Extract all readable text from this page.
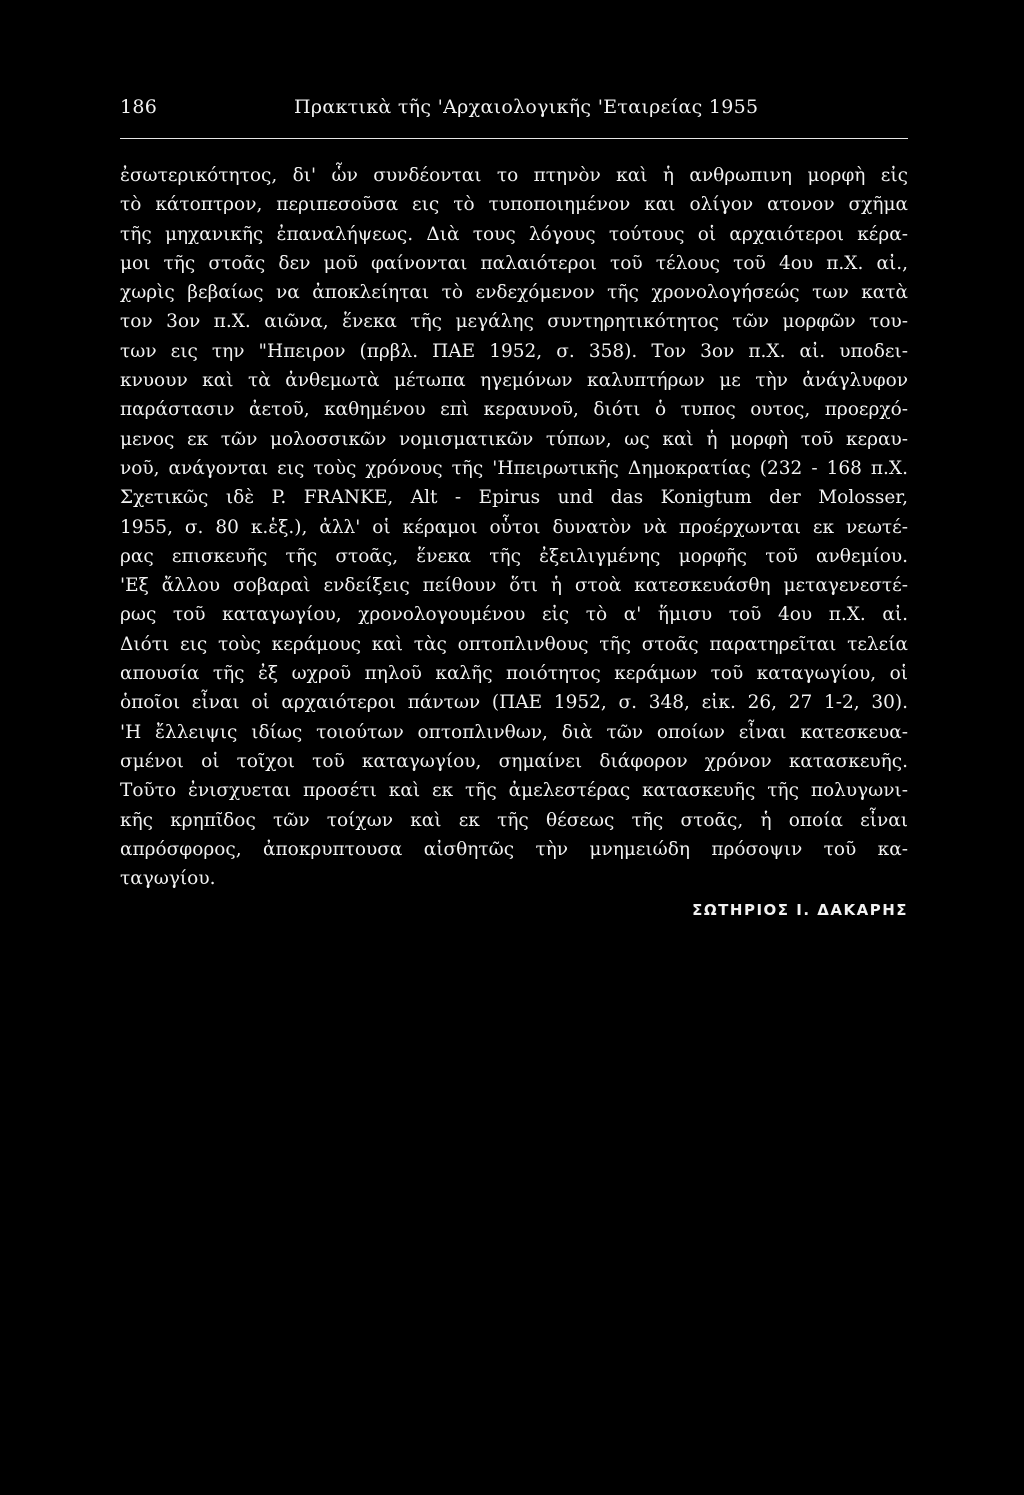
186	Πρακτικὰ τῆς 'Αρχαιολογικῆς 'Εταιρείας 1955
ἐσωτερικότητος, δι' ὧν συνδέονται το πτηνὸν καὶ ἡ ανθρωπινη μορφὴ εἰς
τὸ κάτοπτρον, περιπεσοῦσα εις τὸ τυποποιημένον και ολίγον ατονον σχῆμα
τῆς μηχανικῆς ἐπαναλήψεως. Διὰ τους λόγους τούτους οἱ αρχαιότεροι κέρα-
μοι τῆς στοᾶς δεν μοῦ φαίνονται παλαιότεροι τοῦ τέλους τοῦ 4ου π.Χ. αἰ.,
χωρὶς βεβαίως να ἀποκλείηται τὸ ενδεχόμενον τῆς χρονολογήσεώς των κατὰ
τον 3ον π.Χ. αιῶνα, ἕνεκα τῆς μεγάλης συντηρητικότητος τῶν μορφῶν του-
των εις την "Ηπειρον (πρβλ. ΠΑΕ 1952, σ. 358). Τον 3ον π.Χ. αἰ. υποδει-
κνυουν καὶ τὰ ἀνθεμωτὰ μέτωπα ηγεμόνων καλυπτήρων με τὴν ἀνάγλυφον
παράστασιν ἀετοῦ, καθημένου επὶ κεραυνοῦ, διότι ὁ τυπος ουτος, προερχό-
μενος εκ τῶν μολοσσικῶν νομισματικῶν τύπων, ως καὶ ἡ μορφὴ τοῦ κεραυ-
νοῦ, ανάγονται εις τοὺς χρόνους τῆς 'Ηπειρωτικῆς Δημοκρατίας (232 - 168 π.Χ.
Σχετικῶς ιδὲ P. FRANKE, Alt - Epirus und das Konigtum der Molosser,
1955, σ. 80 κ.ἑξ.), ἀλλ' οἱ κέραμοι οὗτοι δυνατὸν νὰ προέρχωνται εκ νεωτέ-
ρας επισκευῆς τῆς στοᾶς, ἕνεκα τῆς ἐξειλιγμένης μορφῆς τοῦ ανθεμίου.
'Εξ ἄλλου σοβαραὶ ενδείξεις πείθουν ὅτι ἡ στοὰ κατεσκευάσθη μεταγενεστέ-
ρως τοῦ καταγωγίου, χρονολογουμένου εἰς τὸ α' ἥμισυ τοῦ 4ου π.Χ. αἰ.
Διότι εις τοὺς κεράμους καὶ τὰς οπτοπλινθους τῆς στοᾶς παρατηρεῖται τελεία
απουσία τῆς ἐξ ωχροῦ πηλοῦ καλῆς ποιότητος κεράμων τοῦ καταγωγίου, οἱ
ὁποῖοι εἶναι οἱ αρχαιότεροι πάντων (ΠΑΕ 1952, σ. 348, εἰκ. 26, 27 1-2, 30).
'Η ἔλλειψις ιδίως τοιούτων οπτοπλινθων, διὰ τῶν οποίων εἶναι κατεσκευα-
σμένοι οἱ τοῖχοι τοῦ καταγωγίου, σημαίνει διάφορον χρόνον κατασκευῆς.
Τοῦτο ἐνισχυεται προσέτι καὶ εκ τῆς ἀμελεστέρας κατασκευῆς τῆς πολυγωνι-
κῆς κρηπῖδος τῶν τοίχων καὶ εκ τῆς θέσεως τῆς στοᾶς, ἡ οποία εἶναι
απρόσφορος, ἀποκρυπτουσα αἰσθητῶς τὴν μνημειώδη πρόσοψιν τοῦ κα-
ταγωγίου.
ΣΩΤΗΡΙΟΣ Ι. ΔΑΚΑΡΗΣ
